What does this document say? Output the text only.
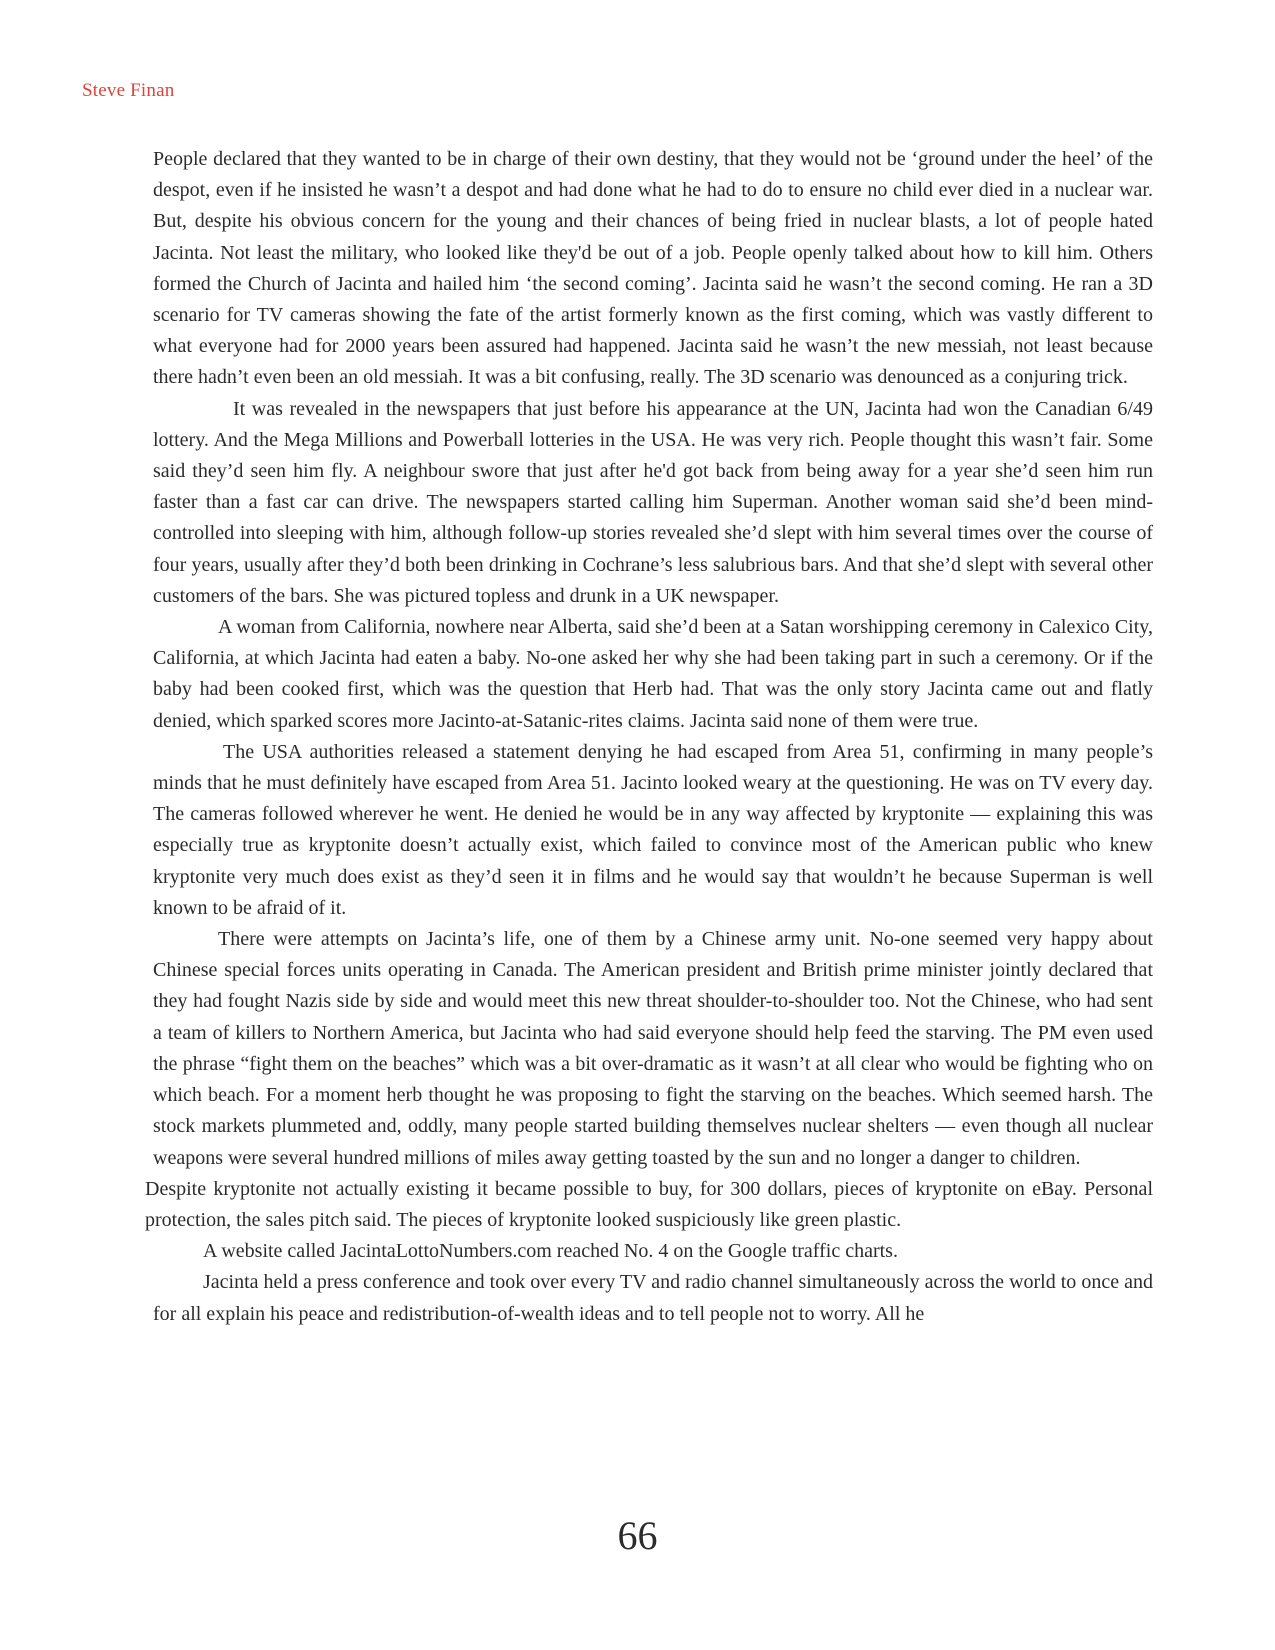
Steve Finan

People declared that they wanted to be in charge of their own destiny, that they would not be ‘ground under the heel’ of the despot, even if he insisted he wasn’t a despot and had done what he had to do to ensure no child ever died in a nuclear war. But, despite his obvious concern for the young and their chances of being fried in nuclear blasts, a lot of people hated Jacinta. Not least the military, who looked like they'd be out of a job. People openly talked about how to kill him. Others formed the Church of Jacinta and hailed him ‘the second coming’. Jacinta said he wasn’t the second coming. He ran a 3D scenario for TV cameras showing the fate of the artist formerly known as the first coming, which was vastly different to what everyone had for 2000 years been assured had happened. Jacinta said he wasn’t the new messiah, not least because there hadn’t even been an old messiah. It was a bit confusing, really. The 3D scenario was denounced as a conjuring trick.

It was revealed in the newspapers that just before his appearance at the UN, Jacinta had won the Canadian 6/49 lottery. And the Mega Millions and Powerball lotteries in the USA. He was very rich. People thought this wasn’t fair. Some said they’d seen him fly. A neighbour swore that just after he'd got back from being away for a year she’d seen him run faster than a fast car can drive. The newspapers started calling him Superman. Another woman said she’d been mind-controlled into sleeping with him, although follow-up stories revealed she’d slept with him several times over the course of four years, usually after they’d both been drinking in Cochrane’s less salubrious bars. And that she’d slept with several other customers of the bars. She was pictured topless and drunk in a UK newspaper.

A woman from California, nowhere near Alberta, said she’d been at a Satan worshipping ceremony in Calexico City, California, at which Jacinta had eaten a baby. No-one asked her why she had been taking part in such a ceremony. Or if the baby had been cooked first, which was the question that Herb had. That was the only story Jacinta came out and flatly denied, which sparked scores more Jacinto-at-Satanic-rites claims. Jacinta said none of them were true.

The USA authorities released a statement denying he had escaped from Area 51, confirming in many people’s minds that he must definitely have escaped from Area 51. Jacinto looked weary at the questioning. He was on TV every day. The cameras followed wherever he went. He denied he would be in any way affected by kryptonite — explaining this was especially true as kryptonite doesn’t actually exist, which failed to convince most of the American public who knew kryptonite very much does exist as they’d seen it in films and he would say that wouldn’t he because Superman is well known to be afraid of it.

There were attempts on Jacinta’s life, one of them by a Chinese army unit. No-one seemed very happy about Chinese special forces units operating in Canada. The American president and British prime minister jointly declared that they had fought Nazis side by side and would meet this new threat shoulder-to-shoulder too. Not the Chinese, who had sent a team of killers to Northern America, but Jacinta who had said everyone should help feed the starving. The PM even used the phrase “fight them on the beaches” which was a bit over-dramatic as it wasn’t at all clear who would be fighting who on which beach. For a moment herb thought he was proposing to fight the starving on the beaches. Which seemed harsh. The stock markets plummeted and, oddly, many people started building themselves nuclear shelters — even though all nuclear weapons were several hundred millions of miles away getting toasted by the sun and no longer a danger to children.

Despite kryptonite not actually existing it became possible to buy, for 300 dollars, pieces of kryptonite on eBay. Personal protection, the sales pitch said. The pieces of kryptonite looked suspiciously like green plastic.

A website called JacintaLottoNumbers.com reached No. 4 on the Google traffic charts.

Jacinta held a press conference and took over every TV and radio channel simultaneously across the world to once and for all explain his peace and redistribution-of-wealth ideas and to tell people not to worry. All he

66
